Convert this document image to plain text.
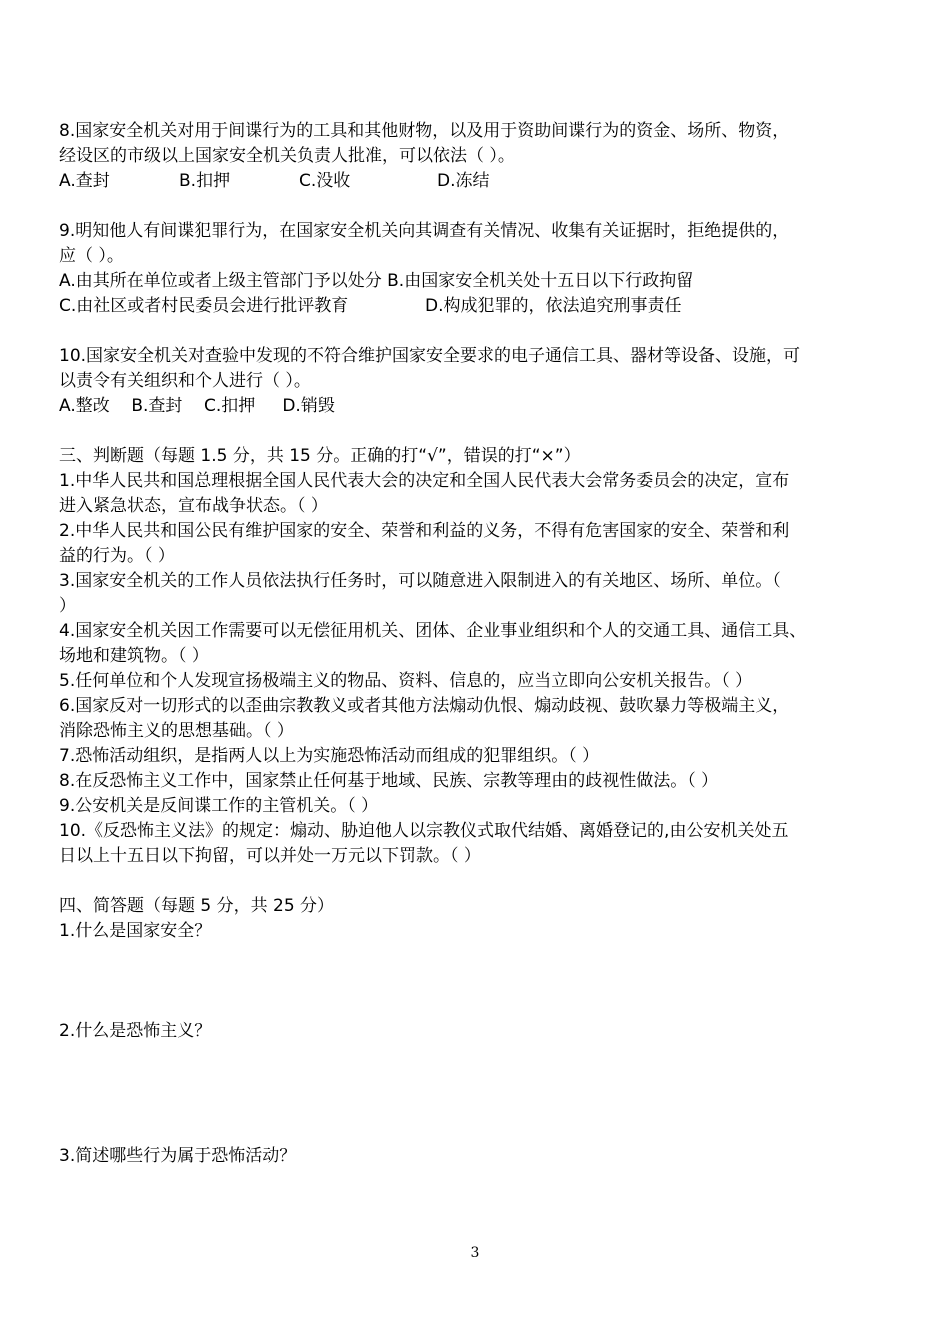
8.国家安全机关对用于间谍行为的工具和其他财物，以及用于资助间谍行为的资金、场所、物资，
经设区的市级以上国家安全机关负责人批准，可以依法（ ）。
A.查封	B.扣押	C.没收	D.冻结
9.明知他人有间谍犯罪行为，在国家安全机关向其调查有关情况、收集有关证据时，拒绝提供的，
应（ ）。
A.由其所在单位或者上级主管部门予以处分 B.由国家安全机关处十五日以下行政拘留
C.由社区或者村民委员会进行批评教育	D.构成犯罪的，依法追究刑事责任
10.国家安全机关对查验中发现的不符合维护国家安全要求的电子通信工具、器材等设备、设施，可
以责令有关组织和个人进行（ ）。
A.整改    B.查封    C.扣押     D.销毁
三、判断题（每题 1.5 分，共 15 分。正确的打“√”，错误的打“×”）
1.中华人民共和国总理根据全国人民代表大会的决定和全国人民代表大会常务委员会的决定，宣布
进入紧急状态，宣布战争状态。（ ）
2.中华人民共和国公民有维护国家的安全、荣誉和利益的义务，不得有危害国家的安全、荣誉和利
益的行为。（ ）
3.国家安全机关的工作人员依法执行任务时，可以随意进入限制进入的有关地区、场所、单位。（
）
4.国家安全机关因工作需要可以无偿征用机关、团体、企业事业组织和个人的交通工具、通信工具、
场地和建筑物。（ ）
5.任何单位和个人发现宣扬极端主义的物品、资料、信息的，应当立即向公安机关报告。（ ）
6.国家反对一切形式的以歪曲宗教教义或者其他方法煽动仇恨、煽动歧视、鼓吹暴力等极端主义，
消除恐怖主义的思想基础。（ ）
7.恐怖活动组织，是指两人以上为实施恐怖活动而组成的犯罪组织。（ ）
8.在反恐怖主义工作中，国家禁止任何基于地域、民族、宗教等理由的歧视性做法。（ ）
9.公安机关是反间谍工作的主管机关。（ ）
10.《反恐怖主义法》的规定：煽动、胁迫他人以宗教仪式取代结婚、离婚登记的,由公安机关处五
日以上十五日以下拘留，可以并处一万元以下罚款。（ ）
四、简答题（每题 5 分，共 25 分）
1.什么是国家安全？
2.什么是恐怖主义？
3.简述哪些行为属于恐怖活动？
3
